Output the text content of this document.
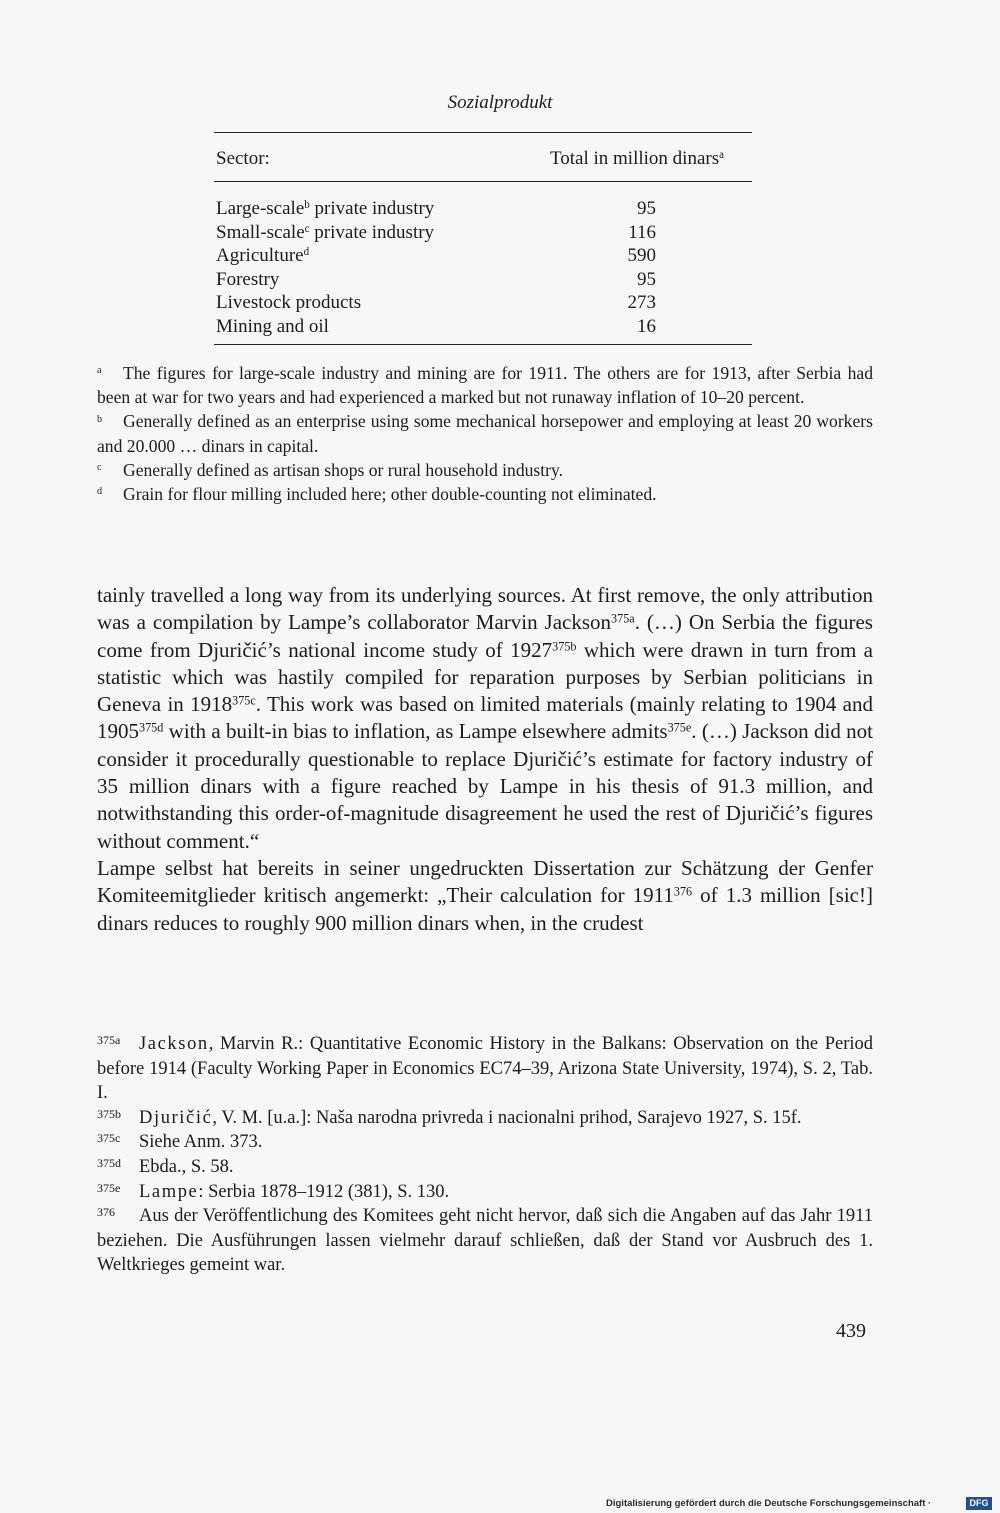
Sozialprodukt
Sector:	Total in million dinars$^a$
Large-scale$^b$ private industry	95
Small-scale$^c$ private industry	116
Agriculture$^d$	590
Forestry	95
Livestock products	273
Mining and oil	16

$^a$ The figures for large-scale industry and mining are for 1911. The others are for 1913, after Serbia had been at war for two years and had experienced a marked but not runaway inflation of 10–20 percent.

$^b$ Generally defined as an enterprise using some mechanical horsepower and employing at least 20 workers and 20.000 … dinars in capital.

$^c$ Generally defined as artisan shops or rural household industry.

$^d$ Grain for flour milling included here; other double-counting not eliminated.

tainly travelled a long way from its underlying sources. At first remove, the only attribution was a compilation by Lampe’s collaborator Marvin Jackson$^{375a}$. (…) On Serbia the figures come from Djuričić’s national income study of $1927^{375b}$ which were drawn in turn from a statistic which was hastily compiled for reparation purposes by Serbian politicians in Geneva in $1918^{375c}$. This work was based on limited materials (mainly relating to 1904 and $1905^{375d}$ with a built-in bias to inflation, as Lampe elsewhere admits$^{375e}$. (…) Jackson did not consider it procedurally questionable to replace Djuričić’s estimate for factory industry of 35 million dinars with a figure reached by Lampe in his thesis of 91.3 million, and notwithstanding this order-of-magnitude disagreement he used the rest of Djuričić’s figures without comment.“

Lampe selbst hat bereits in seiner ungedruckten Dissertation zur Schätzung der Genfer Komiteemitglieder kritisch angemerkt: „Their calculation for 1911$^{376}$ of 1.3 million [sic!] dinars reduces to roughly 900 million dinars when, in the crudest

375a Jackson, Marvin R.: Quantitative Economic History in the Balkans: Observation on the Period before 1914 (Faculty Working Paper in Economics EC74–39, Arizona State University, 1974), S. 2, Tab. I.

375b Djuričić, V. M. [u.a.]: Naša narodna privreda i nacionalni prihod, Sarajevo 1927, S. 15f.

375c Siehe Anm. 373.

375d Ebda., S. 58.

375e Lampe: Serbia 1878–1912 (381), S. 130.

376 Aus der Veröffentlichung des Komitees geht nicht hervor, daß sich die Angaben auf das Jahr 1911 beziehen. Die Ausführungen lassen vielmehr darauf schließen, daß der Stand vor Ausbruch des 1. Weltkrieges gemeint war.

439
Digitalisierung gefördert durch die Deutsche Forschungsgemeinschaft ·	DFG
